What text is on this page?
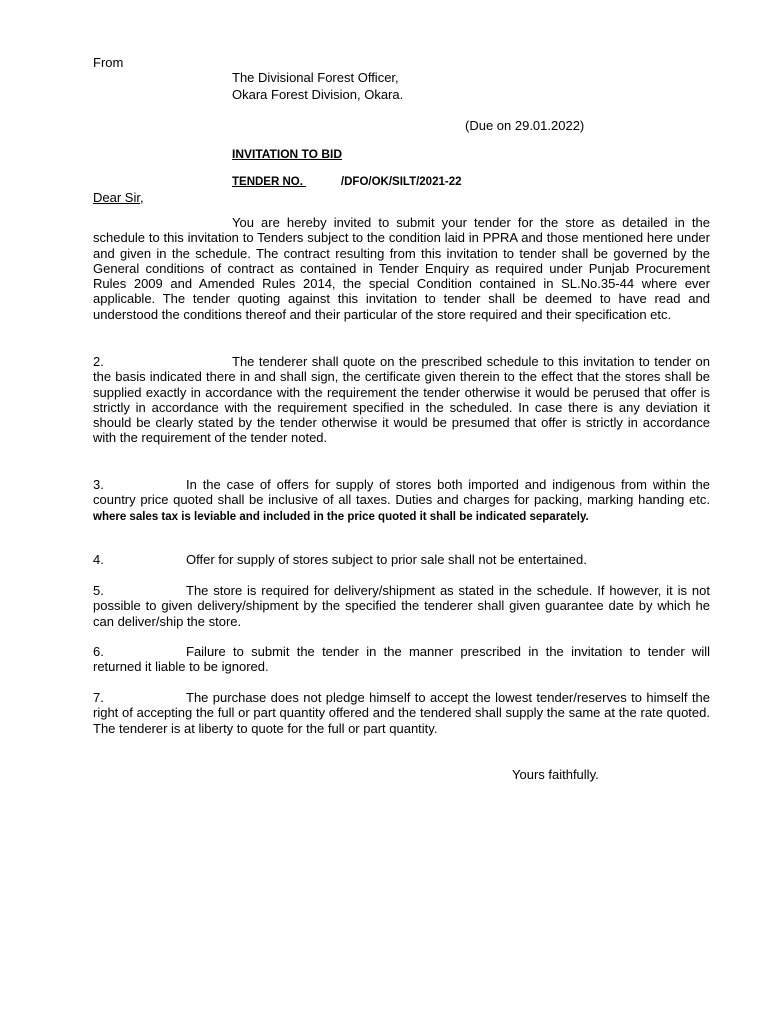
From
The Divisional Forest Officer,
Okara Forest Division, Okara.
(Due on 29.01.2022)
INVITATION TO BID
TENDER NO.	/DFO/OK/SILT/2021-22
Dear Sir,
You are hereby invited to submit your tender for the store as detailed in the schedule to this invitation to Tenders subject to the condition laid in PPRA and those mentioned here under and given in the schedule. The contract resulting from this invitation to tender shall be governed by the General conditions of contract as contained in Tender Enquiry as required under Punjab Procurement Rules 2009 and Amended Rules 2014, the special Condition contained in SL.No.35-44 where ever applicable. The tender quoting against this invitation to tender shall be deemed to have read and understood the conditions thereof and their particular of the store required and their specification etc.
2.	The tenderer shall quote on the prescribed schedule to this invitation to tender on the basis indicated there in and shall sign, the certificate given therein to the effect that the stores shall be supplied exactly in accordance with the requirement the tender otherwise it would be perused that offer is strictly in accordance with the requirement specified in the scheduled. In case there is any deviation it should be clearly stated by the tender otherwise it would be presumed that offer is strictly in accordance with the requirement of the tender noted.
3.	In the case of offers for supply of stores both imported and indigenous from within the country price quoted shall be inclusive of all taxes. Duties and charges for packing, marking handing etc. where sales tax is leviable and included in the price quoted it shall be indicated separately.
4.	Offer for supply of stores subject to prior sale shall not be entertained.
5.	The store is required for delivery/shipment as stated in the schedule. If however, it is not possible to given delivery/shipment by the specified the tenderer shall given guarantee date by which he can deliver/ship the store.
6.	Failure to submit the tender in the manner prescribed in the invitation to tender will returned it liable to be ignored.
7.	The purchase does not pledge himself to accept the lowest tender/reserves to himself the right of accepting the full or part quantity offered and the tendered shall supply the same at the rate quoted. The tenderer is at liberty to quote for the full or part quantity.
Yours faithfully.
